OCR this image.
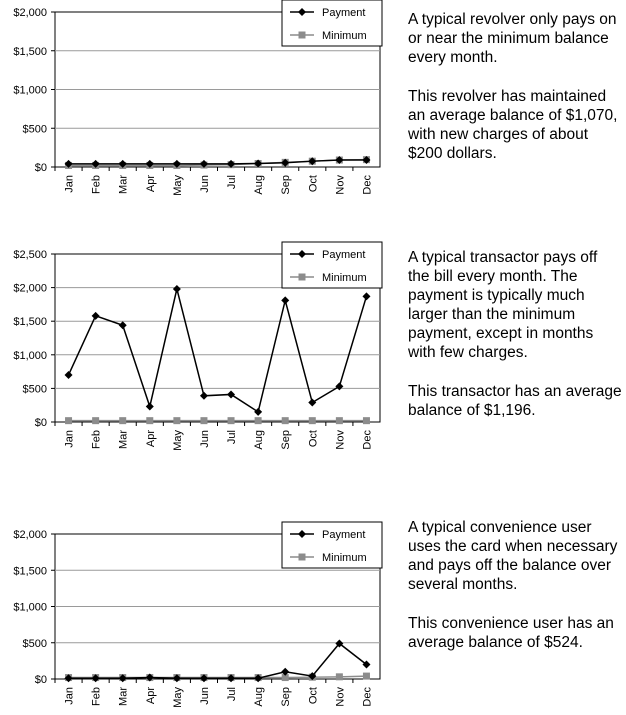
$0
$500
$1,000
$1,500
$2,000
Jan Feb Mar Apr May Jun Jul Aug Sep Oct Nov Dec
Payment
Minimum

A typical revolver only pays on or near the minimum balance every month.

This revolver has maintained an average balance of $1,070, with new charges of about $200 dollars.

$0
$500
$1,000
$1,500
$2,000
$2,500
Jan Feb Mar Apr May Jun Jul Aug Sep Oct Nov Dec
Payment
Minimum

A typical transactor pays off the bill every month. The payment is typically much larger than the minimum payment, except in months with few charges.

This transactor has an average balance of $1,196.

$0
$500
$1,000
$1,500
$2,000
Jan Feb Mar Apr May Jun Jul Aug Sep Oct Nov Dec
Payment
Minimum

A typical convenience user uses the card when necessary and pays off the balance over several months.

This convenience user has an average balance of $524.
